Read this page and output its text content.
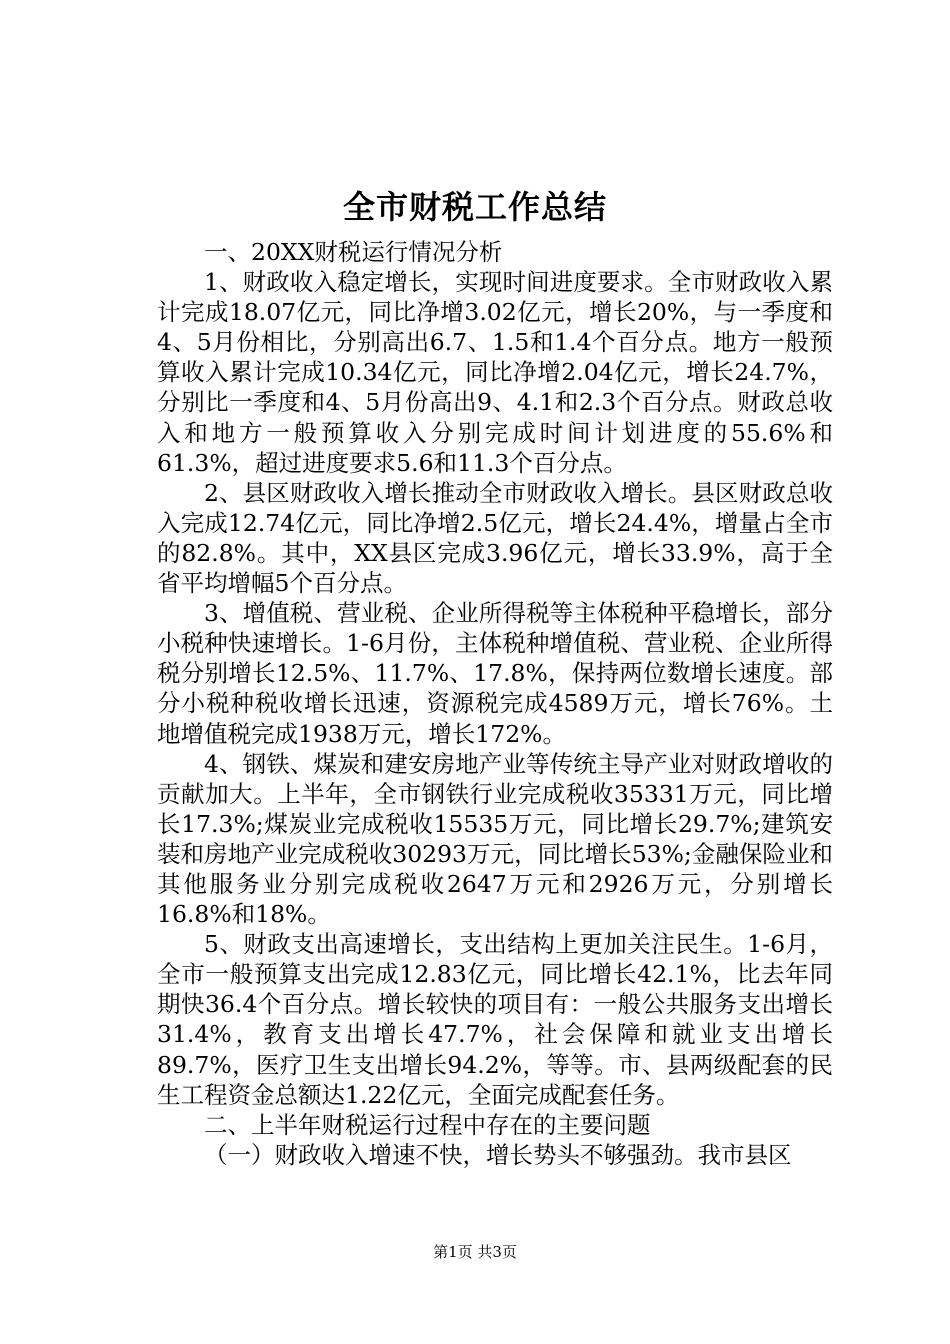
全市财税工作总结

一、20XX财税运行情况分析

1、财政收入稳定增长，实现时间进度要求。全市财政收入累计完成18.07亿元，同比净增3.02亿元，增长20%，与一季度和4、5月份相比，分别高出6.7、1.5和1.4个百分点。地方一般预算收入累计完成10.34亿元，同比净增2.04亿元，增长24.7%，分别比一季度和4、5月份高出9、4.1和2.3个百分点。财政总收入和地方一般预算收入分别完成时间计划进度的55.6%和61.3%，超过进度要求5.6和11.3个百分点。

2、县区财政收入增长推动全市财政收入增长。县区财政总收入完成12.74亿元，同比净增2.5亿元，增长24.4%，增量占全市的82.8%。其中，XX县区完成3.96亿元，增长33.9%，高于全省平均增幅5个百分点。

3、增值税、营业税、企业所得税等主体税种平稳增长，部分小税种快速增长。1-6月份，主体税种增值税、营业税、企业所得税分别增长12.5%、11.7%、17.8%，保持两位数增长速度。部分小税种税收增长迅速，资源税完成4589万元，增长76%。土地增值税完成1938万元，增长172%。

4、钢铁、煤炭和建安房地产业等传统主导产业对财政增收的贡献加大。上半年，全市钢铁行业完成税收35331万元，同比增长17.3%;煤炭业完成税收15535万元，同比增长29.7%;建筑安装和房地产业完成税收30293万元，同比增长53%;金融保险业和其他服务业分别完成税收2647万元和2926万元，分别增长16.8%和18%。

5、财政支出高速增长，支出结构上更加关注民生。1-6月，全市一般预算支出完成12.83亿元，同比增长42.1%，比去年同期快36.4个百分点。增长较快的项目有：一般公共服务支出增长31.4%，教育支出增长47.7%，社会保障和就业支出增长89.7%，医疗卫生支出增长94.2%，等等。市、县两级配套的民生工程资金总额达1.22亿元，全面完成配套任务。

二、上半年财税运行过程中存在的主要问题

（一）财政收入增速不快，增长势头不够强劲。我市县区

第1页 共3页
